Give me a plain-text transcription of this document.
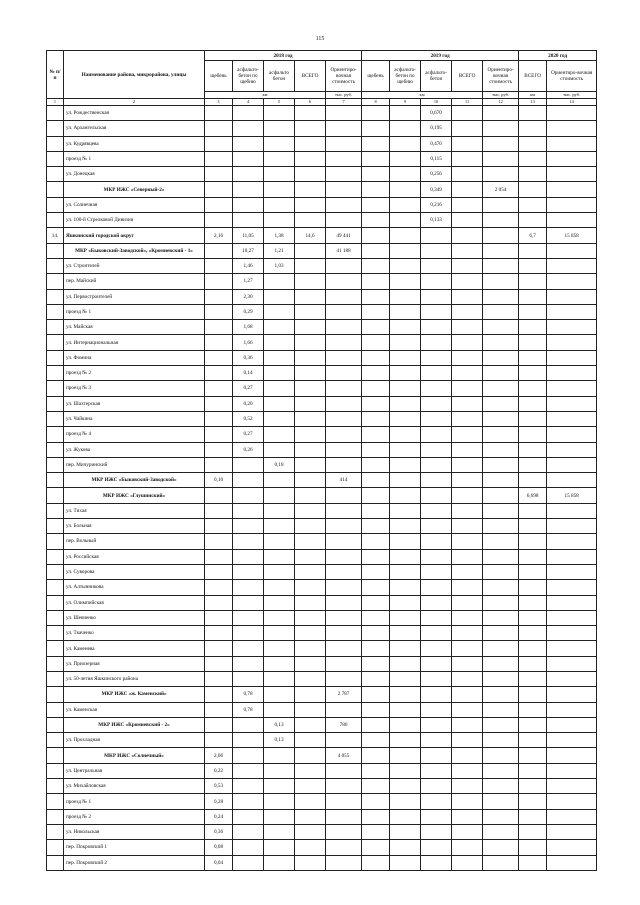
115
№ п/п	Наименование района, микрорайона, улицы	2018 год					2019 год					2020 год	
		щебень	асфальто-бетон по щебню	асфальто бетон	ВСЕГО	Ориентиро-вочная стоимость	щебень	асфальто-бетон по щебню	асфальто-бетон	ВСЕГО	Ориентиро-вочная стоимость	ВСЕГО	Ориентиро-вочная стоимость
		км				тыс. руб.	км				тыс. руб.	км	тыс. руб.
1	2	3	4	5	6	7	8	9	10	11	12	13	14
	ул. Рождественская								0,670				
	ул. Архангельская								0,195				
	ул. Кудрявцева								0,470				
	проезд № 1								0,115				
	ул. Донецкая								0,256				
	МКР ИЖС «Северный-2»								0,349		2 054		
	ул. Солнечная								0,216				
	ул. 100-й Стрелковой Дивизии								0,133				
14.	Яшкинский городской округ	2,16	11,05	1,38	14,6	49 441						6,7	15 858
	МКР «Быковский-Заводской», «Кромиевский - 1»		10,27	1,21		41 188							
	ул. Строителей		1,46	1,03									
	пер. Майский		1,27										
	ул. Первостроителей		2,30										
	проезд № 1		0,29										
	ул. Майская		1,68										
	ул. Интернациональная		1,66										
	ул. Фомина		0,36										
	проезд № 2		0,14										
	проезд № 3		0,27										
	ул. Шахтерская		0,20										
	ул. Чайкина		0,52										
	проезд № 4		0,27										
	ул. Жукова		0,26										
	пер. Мичуринский			0,18									
	МКР ИЖС «Быковский-Заводской»	0,10				414							
	МКР ИЖС «Глушинский»											6,698	15 858
	ул. Тихая												
	ул. Больная												
	пер. Вольный												
	ул. Российская												
	ул. Суворова												
	ул. Алтынникова												
	ул. Олимпийская												
	ул. Шевченко												
	ул. Ткаченко												
	ул. Каменева												
	ул. Приозерная												
	ул. 50-летия Яшкинского района												
	МКР ИЖС «ж. Каменский»		0,78			2 787							
	ул. Каменская		0,78										
	МКР ИЖС «Кромиевский - 2»			0,13		786							
	ул. Прохладная			0,13									
	МКР ИЖС «Солнечный»	2,06				4 055							
	ул. Центральная	0,22											
	ул. Михайловская	0,53											
	проезд № 1	0,28											
	проезд № 2	0,24											
	ул. Никольская	0,36											
	пер. Покровский 1	0,08											
	пер. Покровский 2	0,04											
